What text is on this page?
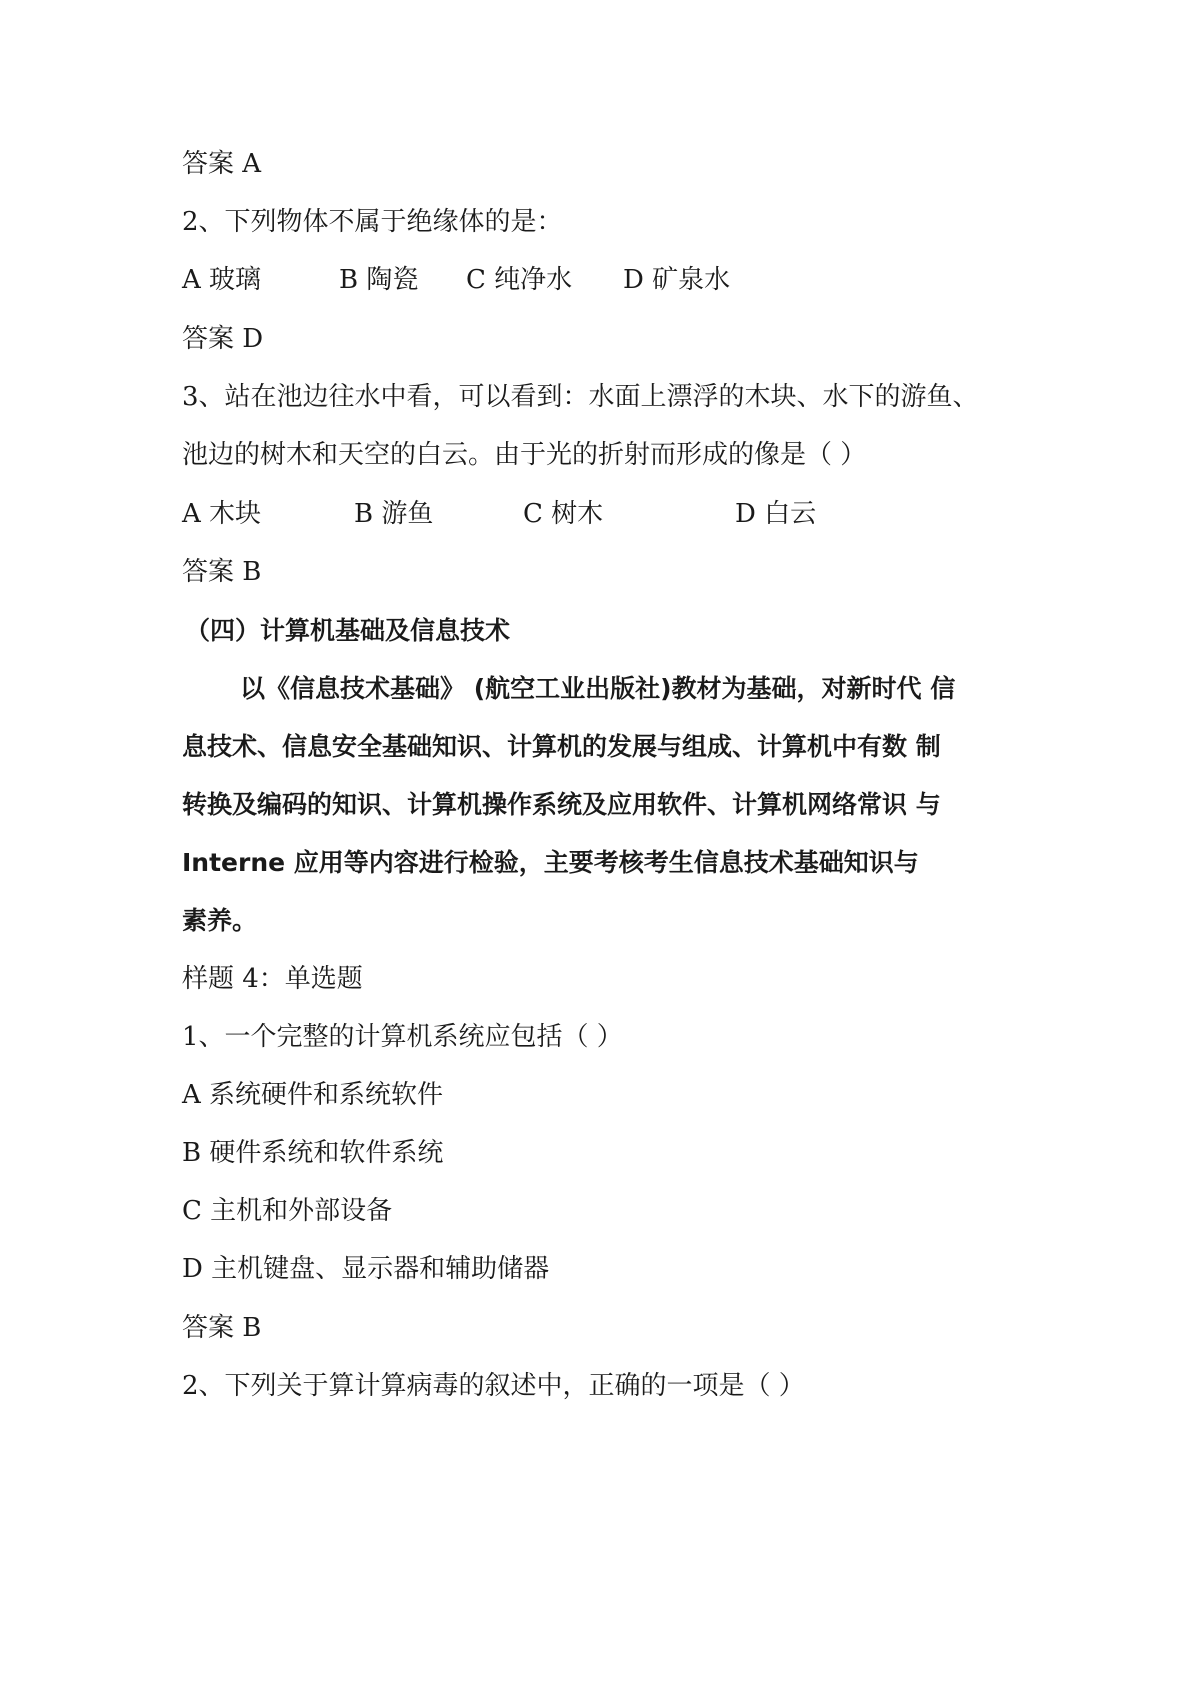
答案 A
2、下列物体不属于绝缘体的是：
A 玻璃	B 陶瓷 C 纯净水 D 矿泉水
答案 D
3、站在池边往水中看，可以看到：水面上漂浮的木块、水下的游鱼、
池边的树木和天空的白云。由于光的折射而形成的像是（ ）
A 木块	B 游鱼	C 树木	D 白云
答案 B
（四）计算机基础及信息技术
以《信息技术基础》 (航空工业出版社)教材为基础，对新时代 信
息技术、信息安全基础知识、计算机的发展与组成、计算机中有数 制
转换及编码的知识、计算机操作系统及应用软件、计算机网络常识 与
Interne 应用等内容进行检验，主要考核考生信息技术基础知识与
素养。
样题 4：单选题
1、一个完整的计算机系统应包括（ ）
A 系统硬件和系统软件
B 硬件系统和软件系统
C 主机和外部设备
D 主机键盘、显示器和辅助储器
答案 B
2、下列关于算计算病毒的叙述中，正确的一项是（ ）
